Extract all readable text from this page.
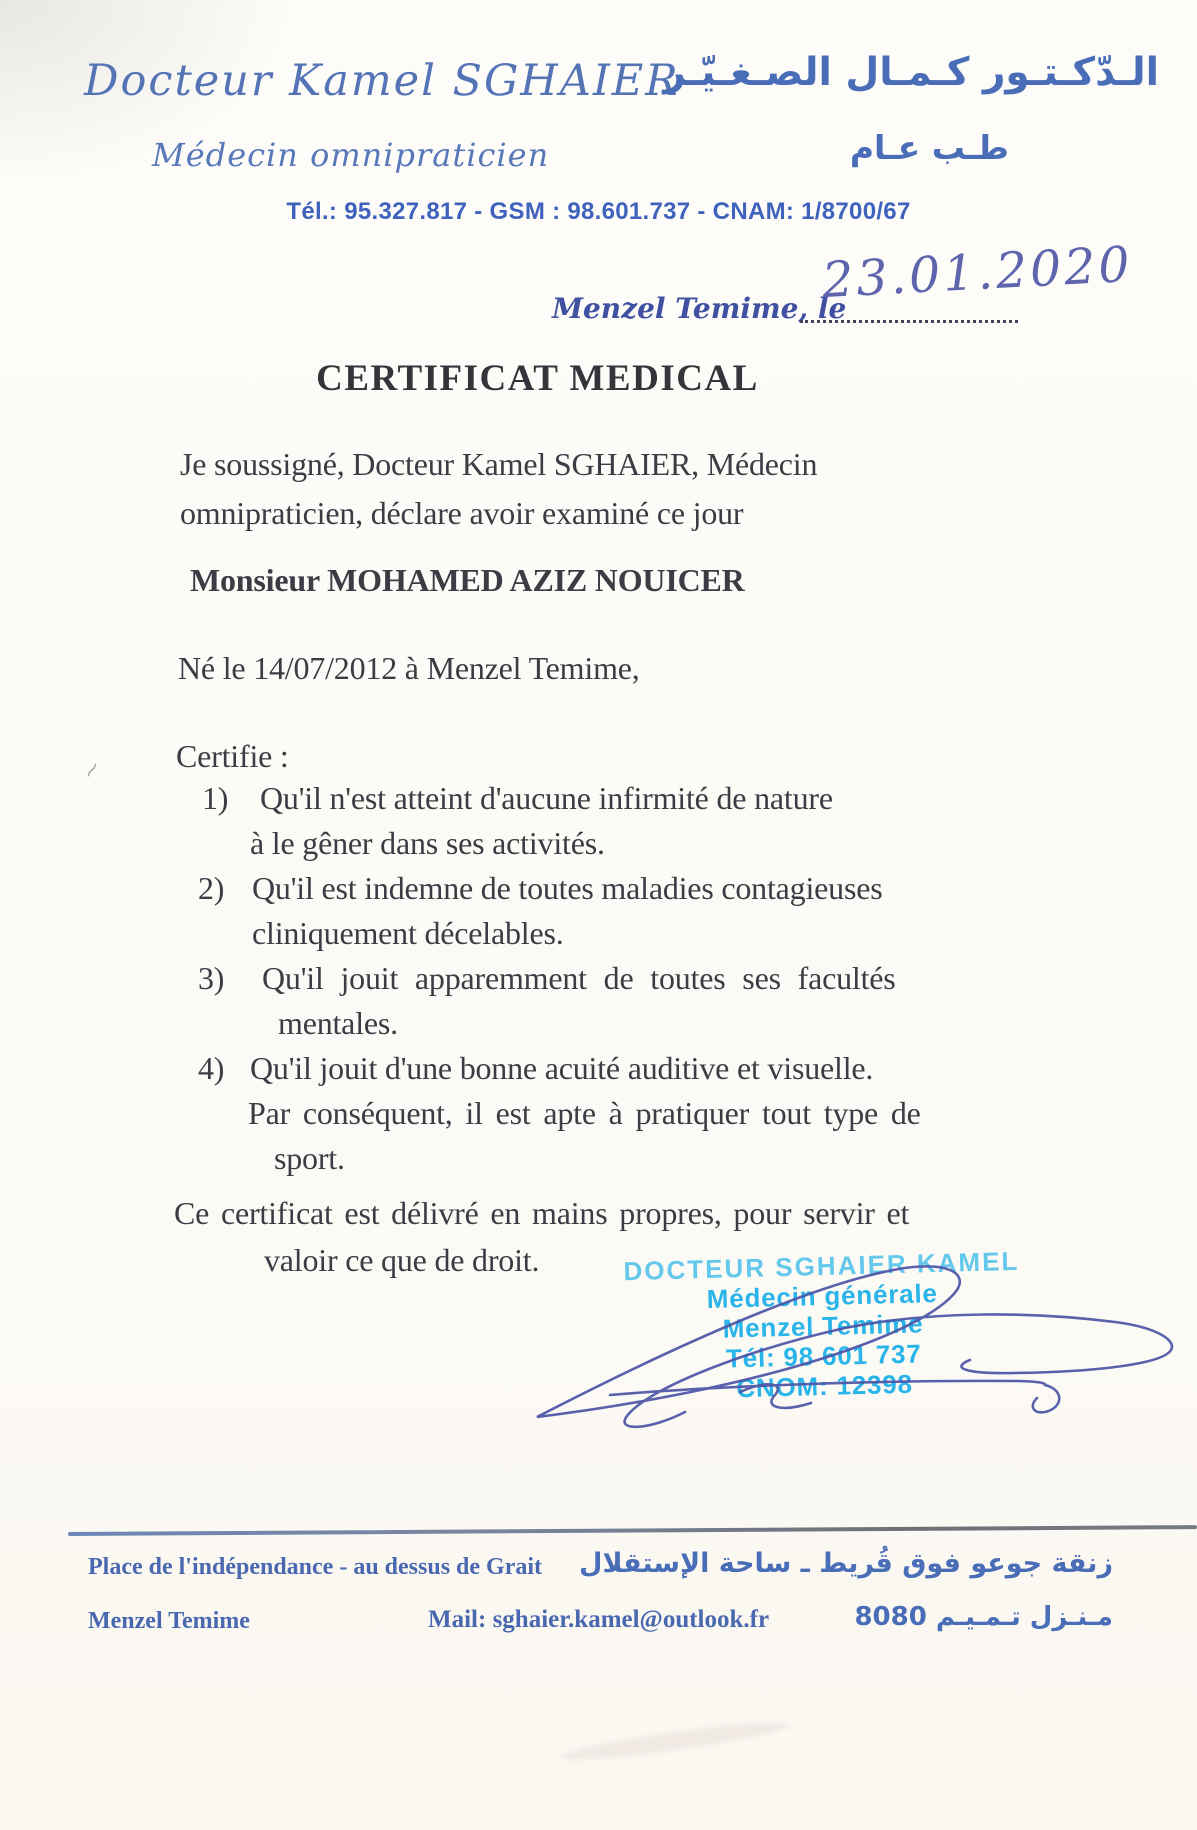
Docteur Kamel SGHAIER
Médecin omnipraticien
الـدّكـتـور كـمـال الصـغـيّـر
طـب عـام
Tél.: 95.327.817 - GSM : 98.601.737 - CNAM: 1/8700/67
Menzel Temime, le
23.01.2020
CERTIFICAT MEDICAL
Je soussigné, Docteur Kamel SGHAIER, Médecin
omnipraticien, déclare avoir examiné ce jour
Monsieur MOHAMED AZIZ NOUICER
Né le 14/07/2012 à Menzel Temime,
Certifie :
1) Qu'il n'est atteint d'aucune infirmité de nature
à le gêner dans ses activités.
2) Qu'il est indemne de toutes maladies contagieuses
cliniquement décelables.
3) Qu'il jouit apparemment de toutes ses facultés
mentales.
4) Qu'il jouit d'une bonne acuité auditive et visuelle.
Par conséquent, il est apte à pratiquer tout type de
sport.
Ce certificat est délivré en mains propres, pour servir et
valoir ce que de droit.	DOCTEUR SGHAIER KAMEL
Médecin générale
Menzel Temime
Tél: 98 601 737
CNOM: 12398
Place de l'indépendance - au dessus de Grait زنقة جوعو فوق قُريط ـ ساحة الإستقلال
Menzel Temime	Mail: sghaier.kamel@outlook.fr	مـنـزل تـمـيـم 8080
⁓
